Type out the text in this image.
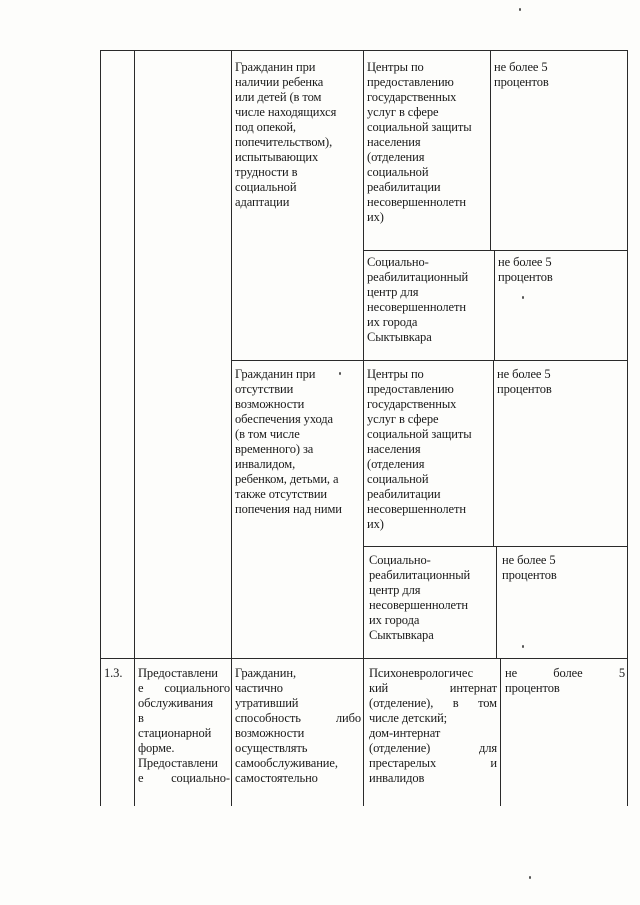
Гражданин при
наличии ребенка
или детей (в том
числе находящихся
под опекой,
попечительством),
испытывающих
трудности в
социальной
адаптации
Центры по
предоставлению
государственных
услуг в сфере
социальной защиты
населения
(отделения
социальной
реабилитации
несовершеннолетн
их)
не более 5
процентов
Социально-
реабилитационный
центр для
несовершеннолетн
их города
Сыктывкара
не более 5
процентов
Гражданин при
отсутствии
возможности
обеспечения ухода
(в том числе
временного) за
инвалидом,
ребенком, детьми, а
также отсутствии
попечения над ними
Центры по
предоставлению
государственных
услуг в сфере
социальной защиты
населения
(отделения
социальной
реабилитации
несовершеннолетн
их)
не более 5
процентов
Социально-
реабилитационный
центр для
несовершеннолетн
их города
Сыктывкара
не более 5
процентов
1.3.	Предоставлени
е социального
обслуживания
в
стационарной
форме.
Предоставлени
е социально-
Гражданин,
частично
утративший
способность либо
возможности
осуществлять
самообслуживание,
самостоятельно
Психоневрологичес
кий интернат
(отделение), в том
числе детский;
дом-интернат
(отделение) для
престарелых и
инвалидов
не более 5
процентов
